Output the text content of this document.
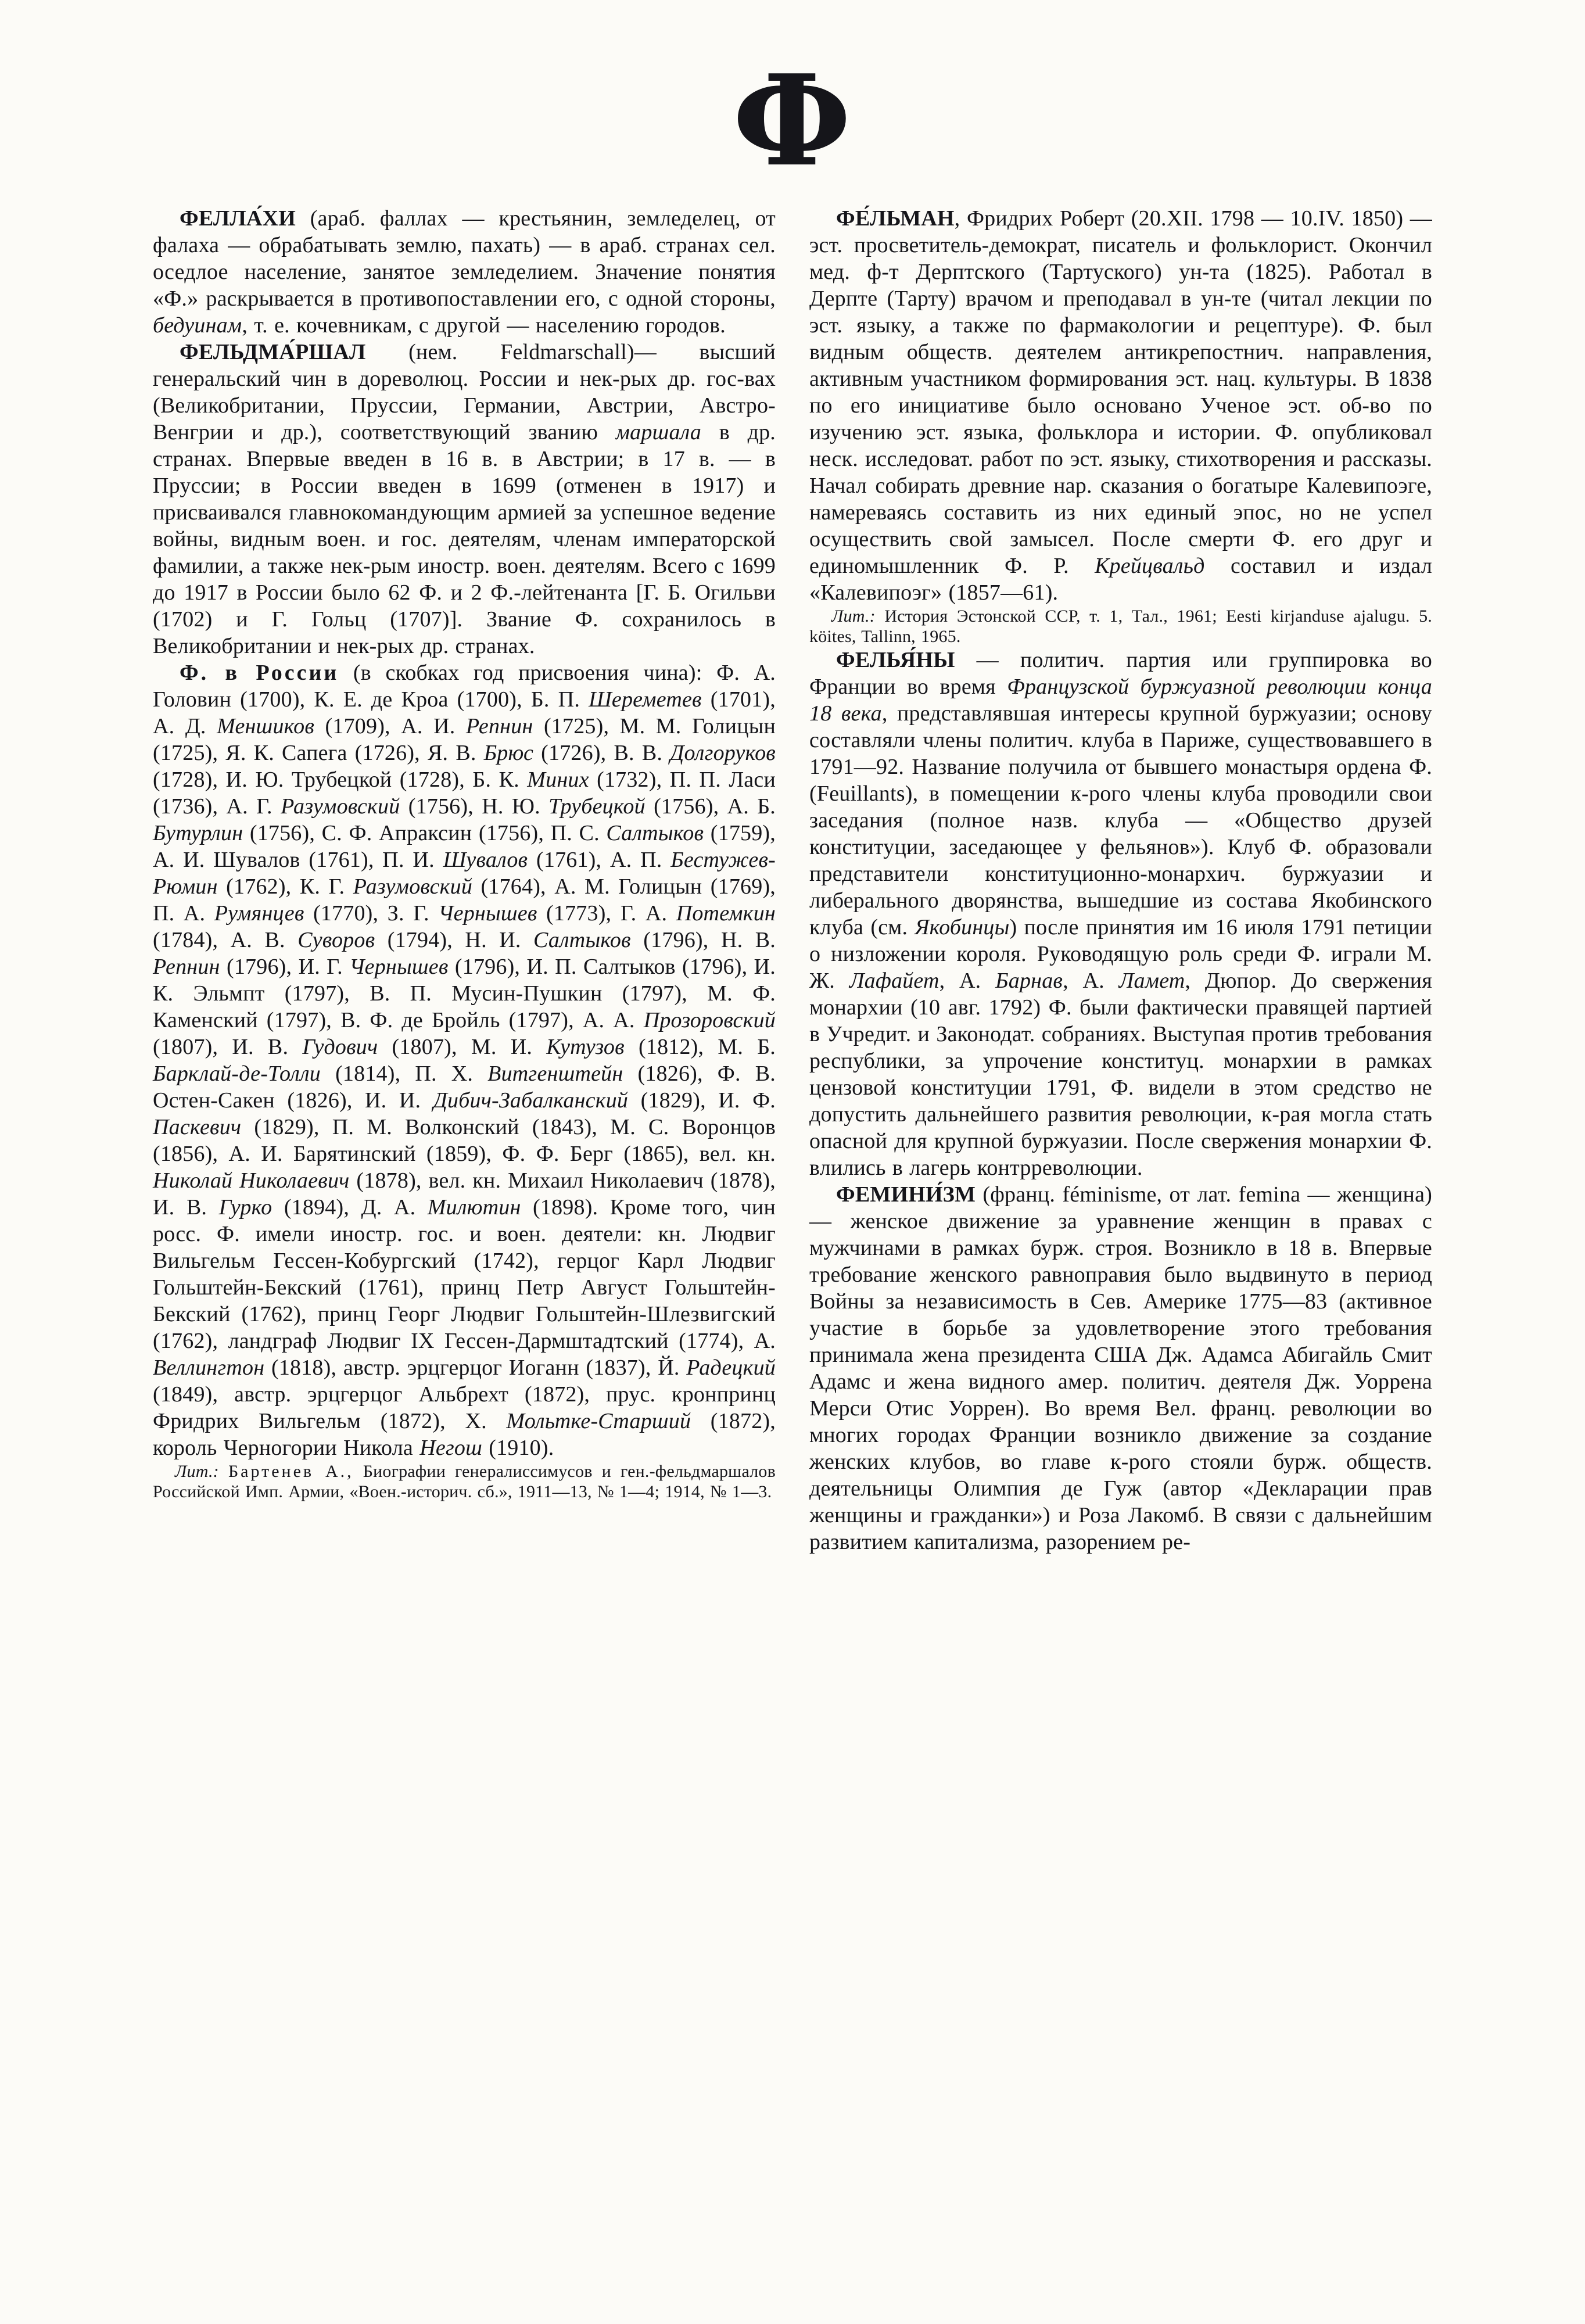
Ф

ФЕЛЛА́ХИ (араб. фаллах — крестьянин, земледелец, от фалаха — обрабатывать землю, пахать) — в араб. странах сел. оседлое население, занятое земледелием. Значение понятия «Ф.» раскрывается в противопоставлении его, с одной стороны, бедуинам, т. е. кочевникам, с другой — населению городов.

ФЕЛЬДМА́РШАЛ (нем. Feldmarschall)— высший генеральский чин в дореволюц. России и нек-рых др. гос-вах (Великобритании, Пруссии, Германии, Австрии, Австро-Венгрии и др.), соответствующий званию маршала в др. странах. Впервые введен в 16 в. в Австрии; в 17 в. — в Пруссии; в России введен в 1699 (отменен в 1917) и присваивался главнокомандующим армией за успешное ведение войны, видным воен. и гос. деятелям, членам императорской фамилии, а также нек-рым иностр. воен. деятелям. Всего с 1699 до 1917 в России было 62 Ф. и 2 Ф.-лейтенанта [Г. Б. Огильви (1702) и Г. Гольц (1707)]. Звание Ф. сохранилось в Великобритании и нек-рых др. странах.

Ф. в России (в скобках год присвоения чина): Ф. А. Головин (1700), К. Е. де Кроа (1700), Б. П. Шереметев (1701), А. Д. Меншиков (1709), А. И. Репнин (1725), М. М. Голицын (1725), Я. К. Сапега (1726), Я. В. Брюс (1726), В. В. Долгоруков (1728), И. Ю. Трубецкой (1728), Б. К. Миних (1732), П. П. Ласи (1736), А. Г. Разумовский (1756), Н. Ю. Трубецкой (1756), А. Б. Бутурлин (1756), С. Ф. Апраксин (1756), П. С. Салтыков (1759), А. И. Шувалов (1761), П. И. Шувалов (1761), А. П. Бестужев-Рюмин (1762), К. Г. Разумовский (1764), А. М. Голицын (1769), П. А. Румянцев (1770), З. Г. Чернышев (1773), Г. А. Потемкин (1784), А. В. Суворов (1794), Н. И. Салтыков (1796), Н. В. Репнин (1796), И. Г. Чернышев (1796), И. П. Салтыков (1796), И. К. Эльмпт (1797), В. П. Мусин-Пушкин (1797), М. Ф. Каменский (1797), В. Ф. де Бройль (1797), А. А. Прозоровский (1807), И. В. Гудович (1807), М. И. Кутузов (1812), М. Б. Барклай-де-Толли (1814), П. Х. Витгенштейн (1826), Ф. В. Остен-Сакен (1826), И. И. Дибич-Забалканский (1829), И. Ф. Паскевич (1829), П. М. Волконский (1843), М. С. Воронцов (1856), А. И. Барятинский (1859), Ф. Ф. Берг (1865), вел. кн. Николай Николаевич (1878), вел. кн. Михаил Николаевич (1878), И. В. Гурко (1894), Д. А. Милютин (1898). Кроме того, чин росс. Ф. имели иностр. гос. и воен. деятели: кн. Людвиг Вильгельм Гессен-Кобургский (1742), герцог Карл Людвиг Гольштейн-Бекский (1761), принц Петр Август Гольштейн-Бекский (1762), принц Георг Людвиг Гольштейн-Шлезвигский (1762), ландграф Людвиг IX Гессен-Дармштадтский (1774), А. Веллингтон (1818), австр. эрцгерцог Иоганн (1837), Й. Радецкий (1849), австр. эрцгерцог Альбрехт (1872), прус. кронпринц Фридрих Вильгельм (1872), Х. Мольтке-Старший (1872), король Черногории Никола Негош (1910).

Лит.: Бартенев А., Биографии генералиссимусов и ген.-фельдмаршалов Российской Имп. Армии, «Воен.-историч. сб.», 1911—13, № 1—4; 1914, № 1—3.

ФЕ́ЛЬМАН, Фридрих Роберт (20.XII. 1798 — 10.IV. 1850) — эст. просветитель-демократ, писатель и фольклорист. Окончил мед. ф-т Дерптского (Тартуского) ун-та (1825). Работал в Дерпте (Тарту) врачом и преподавал в ун-те (читал лекции по эст. языку, а также по фармакологии и рецептуре). Ф. был видным обществ. деятелем антикрепостнич. направления, активным участником формирования эст. нац. культуры. В 1838 по его инициативе было основано Ученое эст. об-во по изучению эст. языка, фольклора и истории. Ф. опубликовал неск. исследоват. работ по эст. языку, стихотворения и рассказы. Начал собирать древние нар. сказания о богатыре Калевипоэге, намереваясь составить из них единый эпос, но не успел осуществить свой замысел. После смерти Ф. его друг и единомышленник Ф. Р. Крейцвальд составил и издал «Калевипоэг» (1857—61).

Лит.: История Эстонской ССР, т. 1, Тал., 1961; Eesti kirjanduse ajalugu. 5. köites, Tallinn, 1965.

ФЕЛЬЯ́НЫ — политич. партия или группировка во Франции во время Французской буржуазной революции конца 18 века, представлявшая интересы крупной буржуазии; основу составляли члены политич. клуба в Париже, существовавшего в 1791—92. Название получила от бывшего монастыря ордена Ф. (Feuillants), в помещении к-рого члены клуба проводили свои заседания (полное назв. клуба — «Общество друзей конституции, заседающее у фельянов»). Клуб Ф. образовали представители конституционно-монархич. буржуазии и либерального дворянства, вышедшие из состава Якобинского клуба (см. Якобинцы) после принятия им 16 июля 1791 петиции о низложении короля. Руководящую роль среди Ф. играли М. Ж. Лафайет, А. Барнав, А. Ламет, Дюпор. До свержения монархии (10 авг. 1792) Ф. были фактически правящей партией в Учредит. и Законодат. собраниях. Выступая против требования республики, за упрочение конституц. монархии в рамках цензовой конституции 1791, Ф. видели в этом средство не допустить дальнейшего развития революции, к-рая могла стать опасной для крупной буржуазии. После свержения монархии Ф. влились в лагерь контрреволюции.

ФЕМИНИ́ЗМ (франц. féminisme, от лат. femina — женщина) — женское движение за уравнение женщин в правах с мужчинами в рамках бурж. строя. Возникло в 18 в. Впервые требование женского равноправия было выдвинуто в период Войны за независимость в Сев. Америке 1775—83 (активное участие в борьбе за удовлетворение этого требования принимала жена президента США Дж. Адамса Абигайль Смит Адамс и жена видного амер. политич. деятеля Дж. Уоррена Мерси Отис Уоррен). Во время Вел. франц. революции во многих городах Франции возникло движение за создание женских клубов, во главе к-рого стояли бурж. обществ. деятельницы Олимпия де Гуж (автор «Декларации прав женщины и гражданки») и Роза Лакомб. В связи с дальнейшим развитием капитализма, разорением ре-
